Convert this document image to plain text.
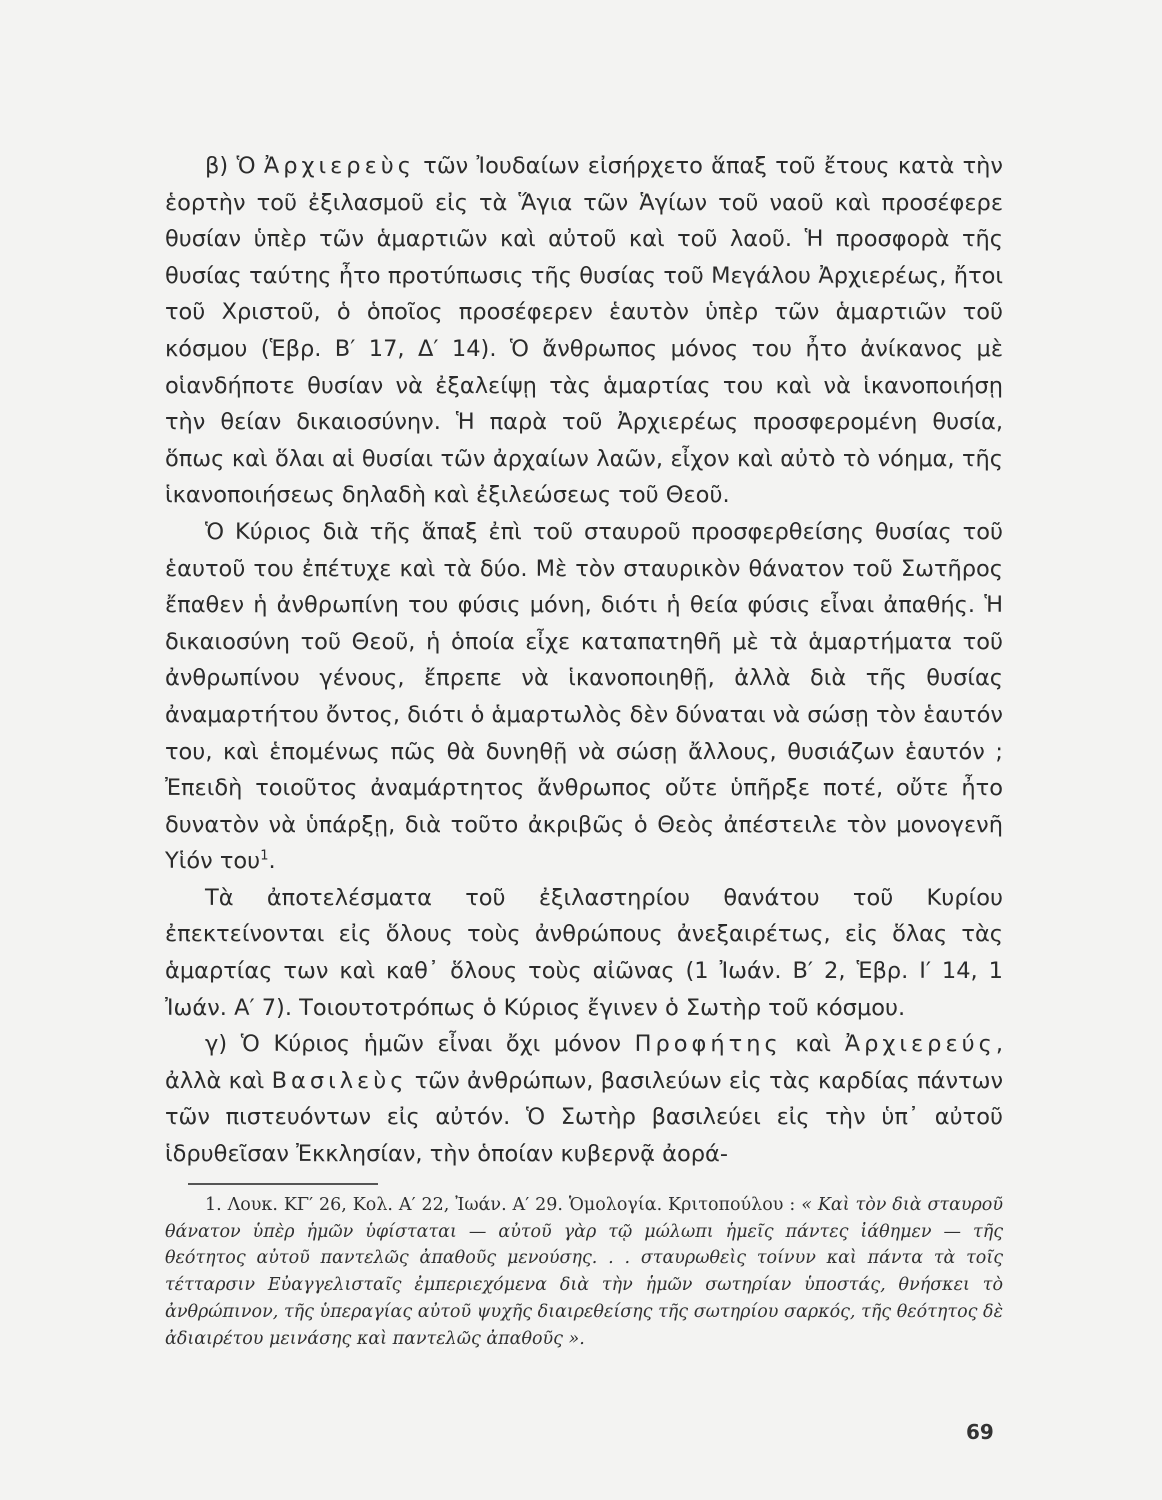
β) Ὁ Ἀρχιερεὺς τῶν Ἰουδαίων εἰσήρχετο ἅπαξ τοῦ ἔτους κατὰ τὴν ἑορτὴν τοῦ ἐξιλασμοῦ εἰς τὰ Ἅγια τῶν Ἁγίων τοῦ ναοῦ καὶ προσέφερε θυσίαν ὑπὲρ τῶν ἁμαρτιῶν καὶ αὐτοῦ καὶ τοῦ λαοῦ. Ἡ προσφορὰ τῆς θυσίας ταύτης ἦτο προτύπωσις τῆς θυσίας τοῦ Μεγάλου Ἀρχιερέως, ἤτοι τοῦ Χριστοῦ, ὁ ὁποῖος προσέφερεν ἑαυτὸν ὑπὲρ τῶν ἁμαρτιῶν τοῦ κόσμου (Ἑβρ. Β′ 17, Δ′ 14). Ὁ ἄνθρωπος μόνος του ἦτο ἀνίκανος μὲ οἱανδήποτε θυσίαν νὰ ἐξαλείψῃ τὰς ἁμαρτίας του καὶ νὰ ἱκανοποιήσῃ τὴν θείαν δικαιοσύνην. Ἡ παρὰ τοῦ Ἀρχιερέως προσφερομένη θυσία, ὅπως καὶ ὅλαι αἱ θυσίαι τῶν ἀρχαίων λαῶν, εἶχον καὶ αὐτὸ τὸ νόημα, τῆς ἱκανοποιήσεως δηλαδὴ καὶ ἐξιλεώσεως τοῦ Θεοῦ.

Ὁ Κύριος διὰ τῆς ἅπαξ ἐπὶ τοῦ σταυροῦ προσφερθείσης θυσίας τοῦ ἑαυτοῦ του ἐπέτυχε καὶ τὰ δύο. Μὲ τὸν σταυρικὸν θάνατον τοῦ Σωτῆρος ἔπαθεν ἡ ἀνθρωπίνη του φύσις μόνη, διότι ἡ θεία φύσις εἶναι ἀπαθής. Ἡ δικαιοσύνη τοῦ Θεοῦ, ἡ ὁποία εἶχε καταπατηθῆ μὲ τὰ ἁμαρτήματα τοῦ ἀνθρωπίνου γένους, ἔπρεπε νὰ ἱκανοποιηθῇ, ἀλλὰ διὰ τῆς θυσίας ἀναμαρτήτου ὄντος, διότι ὁ ἁμαρτωλὸς δὲν δύναται νὰ σώσῃ τὸν ἑαυτόν του, καὶ ἑπομένως πῶς θὰ δυνηθῇ νὰ σώσῃ ἄλλους, θυσιάζων ἑαυτόν ; Ἐπειδὴ τοιοῦτος ἀναμάρτητος ἄνθρωπος οὔτε ὑπῆρξε ποτέ, οὔτε ἦτο δυνατὸν νὰ ὑπάρξῃ, διὰ τοῦτο ἀκριβῶς ὁ Θεὸς ἀπέστειλε τὸν μονογενῆ Υἱόν του$^1$.

Τὰ ἀποτελέσματα τοῦ ἐξιλαστηρίου θανάτου τοῦ Κυρίου ἐπεκτείνονται εἰς ὅλους τοὺς ἀνθρώπους ἀνεξαιρέτως, εἰς ὅλας τὰς ἁμαρτίας των καὶ καθ᾽ ὅλους τοὺς αἰῶνας (1 Ἰωάν. Β′ 2, Ἑβρ. Ι′ 14, 1 Ἰωάν. Α′ 7). Τοιουτοτρόπως ὁ Κύριος ἔγινεν ὁ Σωτὴρ τοῦ κόσμου.

γ) Ὁ Κύριος ἡμῶν εἶναι ὄχι μόνον Προφήτης καὶ Ἀρχιερεύς, ἀλλὰ καὶ Βασιλεὺς τῶν ἀνθρώπων, βασιλεύων εἰς τὰς καρδίας πάντων τῶν πιστευόντων εἰς αὐτόν. Ὁ Σωτὴρ βασιλεύει εἰς τὴν ὑπ᾽ αὐτοῦ ἱδρυθεῖσαν Ἐκκλησίαν, τὴν ὁποίαν κυβερνᾷ ἀορά-

1. Λουκ. ΚΓ′ 26, Κολ. Α′ 22, Ἰωάν. Α′ 29. Ὁμολογία. Κριτοπούλου : « Καὶ τὸν διὰ σταυροῦ θάνατον ὑπὲρ ἡμῶν ὑφίσταται — αὐτοῦ γὰρ τῷ μώλωπι ἡμεῖς πάντες ἰάθημεν — τῆς θεότητος αὐτοῦ παντελῶς ἀπαθοῦς μενούσης. . . σταυρωθεὶς τοίνυν καὶ πάντα τὰ τοῖς τέτταρσιν Εὐαγγελισταῖς ἐμπεριεχόμενα διὰ τὴν ἡμῶν σωτηρίαν ὑποστάς, θνήσκει τὸ ἀνθρώπινον, τῆς ὑπεραγίας αὐτοῦ ψυχῆς διαιρεθείσης τῆς σωτηρίου σαρκός, τῆς θεότητος δὲ ἀδιαιρέτου μεινάσης καὶ παντελῶς ἀπαθοῦς ».

69
